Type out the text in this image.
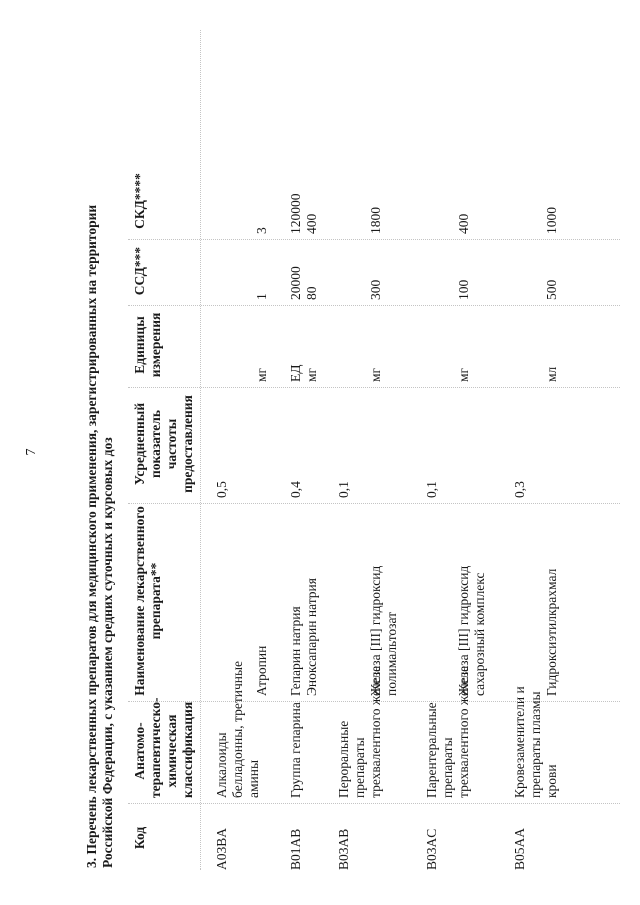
7	3. Перечень лекарственных препаратов для медицинского применения, зарегистрированных на территории Российской Федерации, с указанием средних суточных и курсовых доз Код
Анатомо- терапевтическо- химическая классификация
Наименование лекарственного препарата**
Усредненный показатель частоты предоставления
Единицы измерения
ССД***
СКД****
A03BA
Алкалоиды белладонны, третичные амины
0,5
Атропин
мг
1
3
B01AB
Группа гепарина
0,4
Гепарин натрия
ЕД
20000
120000
Эноксапарин натрия
мг
80
400
B03AB
Пероральные препараты трехвалентного железа
0,1
Железа [III] гидроксид полимальтозат
мг
300
1800
B03AC
Парентеральные препараты трехвалентного железа
0,1
Железа [III] гидроксид сахарозный комплекс
мг
100
400
B05AA
Кровезаменители и препараты плазмы крови
0,3
Гидроксиэтилкрахмал
мл
500
1000
